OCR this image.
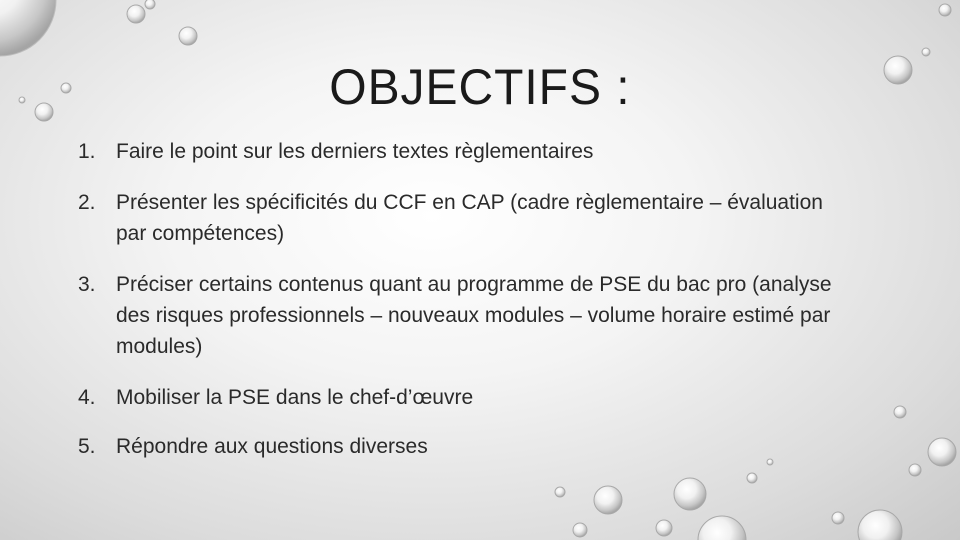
OBJECTIFS :
1. Faire le point sur les derniers textes règlementaires
2. Présenter les spécificités du CCF en CAP (cadre règlementaire – évaluation par compétences)
3. Préciser certains contenus quant au programme de PSE du bac pro (analyse des risques professionnels – nouveaux modules – volume horaire estimé par modules)
4. Mobiliser la PSE dans le chef-d’œuvre
5. Répondre aux questions diverses
